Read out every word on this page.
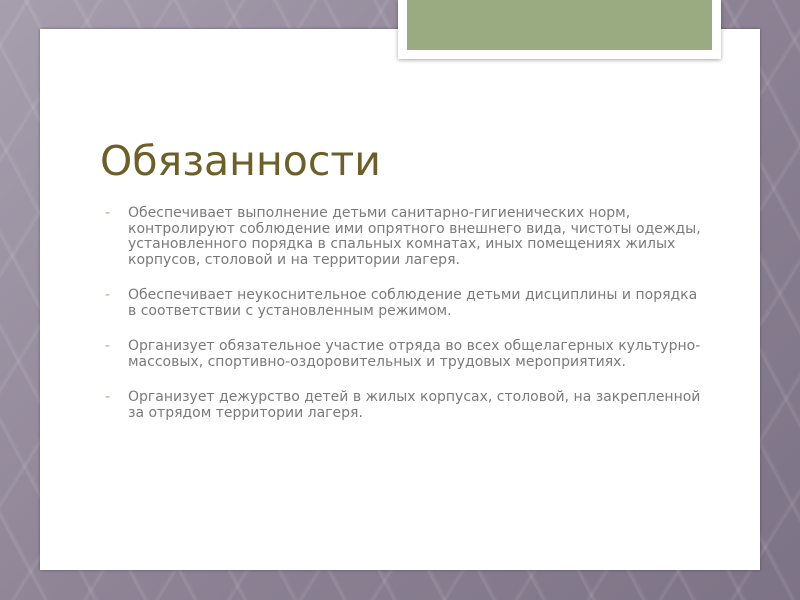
Обязанности
- Обеспечивает выполнение детьми санитарно-гигиенических норм, контролируют соблюдение ими опрятного внешнего вида, чистоты одежды, установленного порядка в спальных комнатах, иных помещениях жилых корпусов, столовой и на территории лагеря.
- Обеспечивает неукоснительное соблюдение детьми дисциплины и порядка в соответствии с установленным режимом.
- Организует обязательное участие отряда во всех общелагерных культурно-массовых, спортивно-оздоровительных и трудовых мероприятиях.
- Организует дежурство детей в жилых корпусах, столовой, на закрепленной за отрядом территории лагеря.
